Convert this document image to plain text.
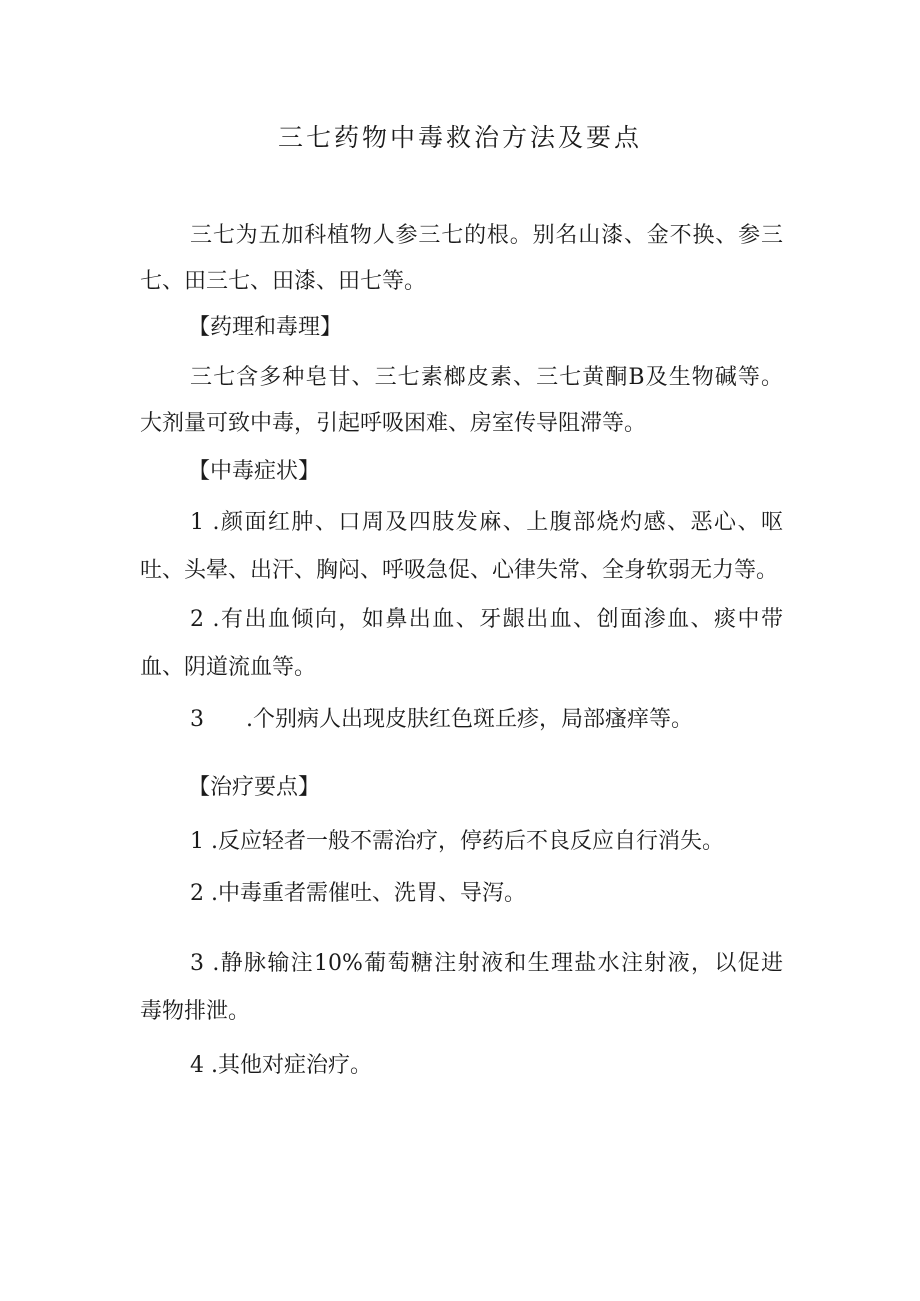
三七药物中毒救治方法及要点
三七为五加科植物人参三七的根。别名山漆、金不换、参三
七、田三七、田漆、田七等。
【药理和毒理】
三七含多种皂甘、三七素榔皮素、三七黄酮B及生物碱等。
大剂量可致中毒，引起呼吸困难、房室传导阻滞等。
【中毒症状】
1 .颜面红肿、口周及四肢发麻、上腹部烧灼感、恶心、呕
吐、头晕、出汗、胸闷、呼吸急促、心律失常、全身软弱无力等。
2 .有出血倾向，如鼻出血、牙龈出血、创面渗血、痰中带
血、阴道流血等。
3 .个别病人出现皮肤红色斑丘疹，局部瘙痒等。
【治疗要点】
1 .反应轻者一般不需治疗，停药后不良反应自行消失。
2 .中毒重者需催吐、洗胃、导泻。
3 .静脉输注10%葡萄糖注射液和生理盐水注射液，以促进
毒物排泄。
4 .其他对症治疗。
